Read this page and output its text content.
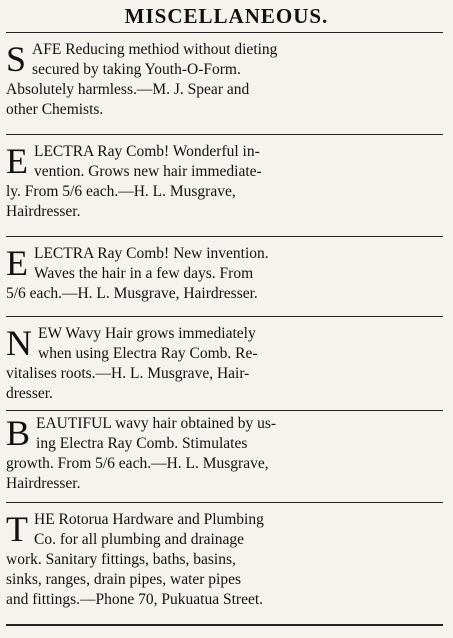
MISCELLANEOUS.
S AFE Reducing methiod without dieting
secured by taking Youth-O-Form.
Absolutely harmless.—M. J. Spear and
other Chemists.
E LECTRA Ray Comb! Wonderful in-
vention. Grows new hair immediate-
ly. From 5/6 each.—H. L. Musgrave,
Hairdresser.
E LECTRA Ray Comb! New invention.
Waves the hair in a few days. From
5/6 each.—H. L. Musgrave, Hairdresser.
N EW Wavy Hair grows immediately
when using Electra Ray Comb. Re-
vitalises roots.—H. L. Musgrave, Hair-
dresser.
B EAUTIFUL wavy hair obtained by us-
ing Electra Ray Comb. Stimulates
growth. From 5/6 each.—H. L. Musgrave,
Hairdresser.
T HE Rotorua Hardware and Plumbing
Co. for all plumbing and drainage
work. Sanitary fittings, baths, basins,
sinks, ranges, drain pipes, water pipes
and fittings.—Phone 70, Pukuatua Street.
